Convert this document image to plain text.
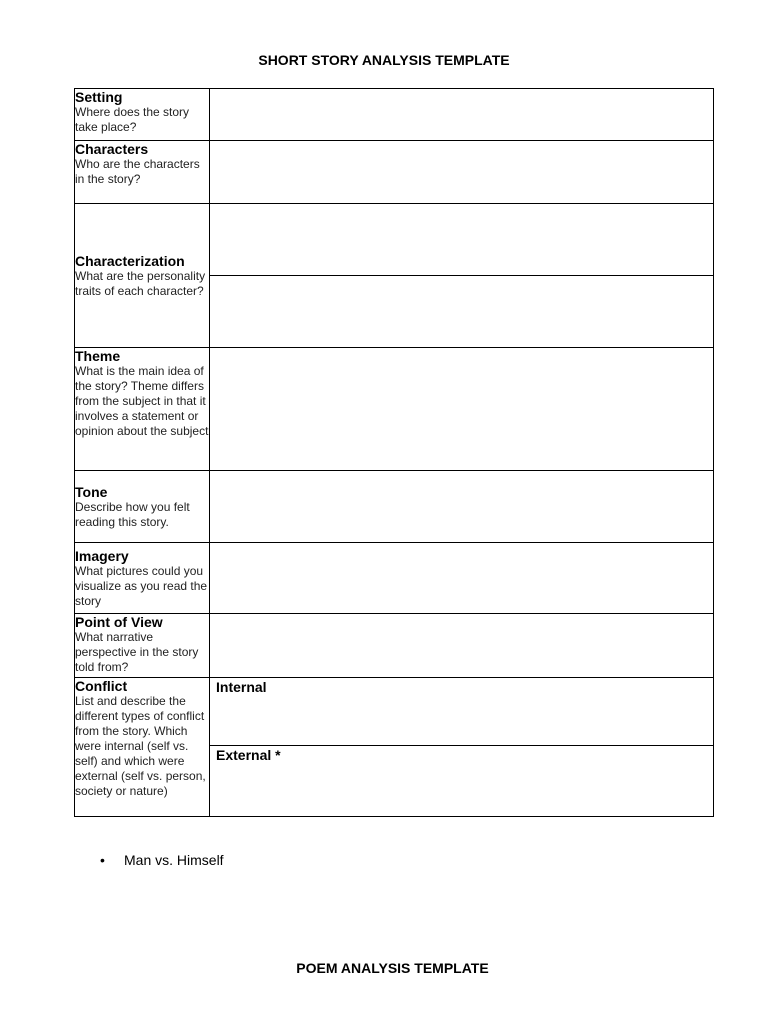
SHORT STORY ANALYSIS TEMPLATE
Setting
Where does the story take place?	

Characters
Who are the characters in the story?	

Characterization
What are the personality traits of each character?	

Theme
What is the main idea of the story? Theme differs from the subject in that it involves a statement or opinion about the subject	

Tone
Describe how you felt reading this story.	

Imagery
What pictures could you visualize as you read the story	

Point of View
What narrative perspective in the story told from?	

Conflict
List and describe the different types of conflict from the story. Which were internal (self vs. self) and which were external (self vs. person, society or nature)	Internal

	External *
• Man vs. Himself
POEM ANALYSIS TEMPLATE
